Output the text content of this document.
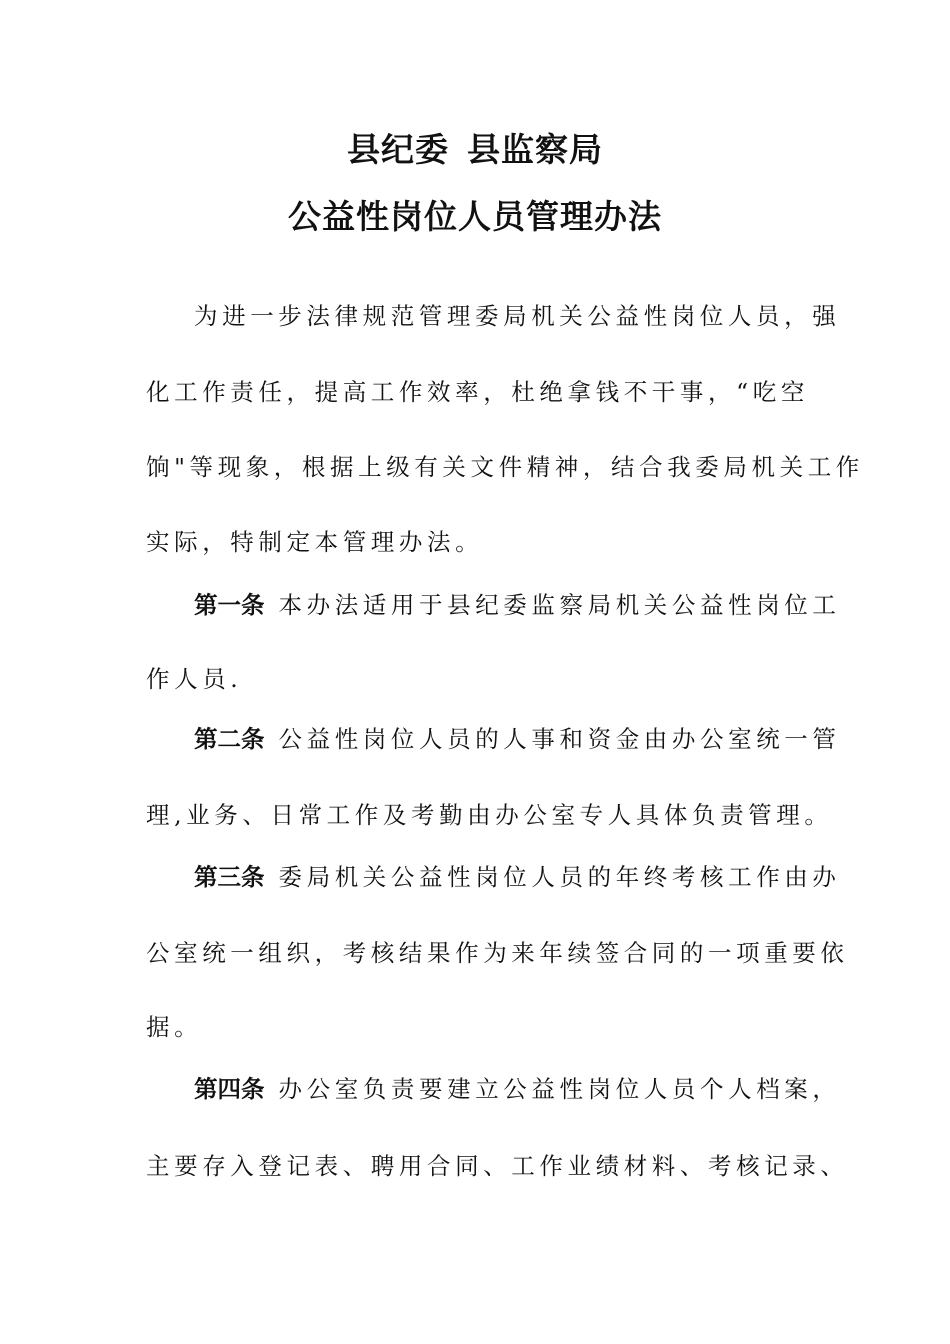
县纪委 县监察局
公益性岗位人员管理办法
为进一步法律规范管理委局机关公益性岗位人员，强
化工作责任，提高工作效率，杜绝拿钱不干事，“吃空
饷"等现象，根据上级有关文件精神，结合我委局机关工作
实际，特制定本管理办法。
第一条 本办法适用于县纪委监察局机关公益性岗位工
作人员.
第二条 公益性岗位人员的人事和资金由办公室统一管
理,业务、日常工作及考勤由办公室专人具体负责管理。
第三条 委局机关公益性岗位人员的年终考核工作由办
公室统一组织，考核结果作为来年续签合同的一项重要依
据。
第四条 办公室负责要建立公益性岗位人员个人档案，
主要存入登记表、聘用合同、工作业绩材料、考核记录、
